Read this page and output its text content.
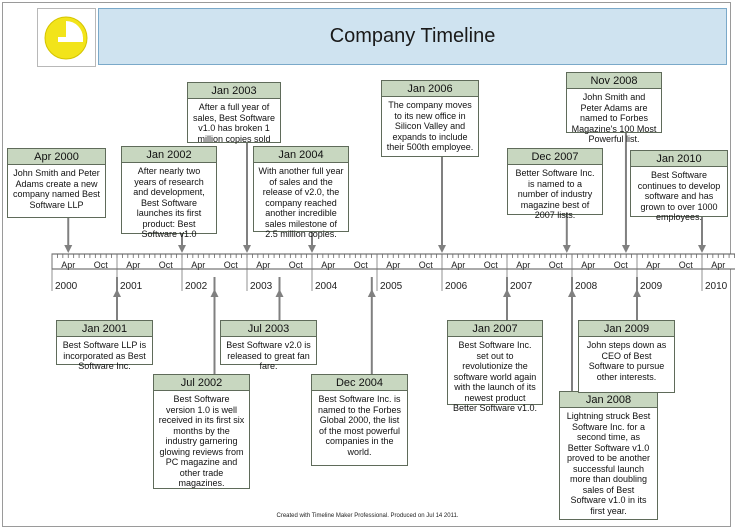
Company Timeline
2000	2001	2002	2003	2004	2005	2006	2007	2008	2009	2010
Apr Oct Apr Oct Apr Oct Apr Oct Apr Oct Apr Oct Apr Oct Apr Oct Apr Oct Apr Oct Apr
Apr 2000
John Smith and Peter Adams create a new company named Best Software LLP
Jan 2002
After nearly two years of research and development, Best Software launches its first product: Best Software v1.0
Jan 2003
After a full year of sales, Best Software v1.0 has broken 1 million copies sold
Jan 2004
With another full year of sales and the release of v2.0, the company reached another incredible sales milestone of 2.5 million copies.
Jan 2006
The company moves to its new office in Silicon Valley and expands to include their 500th employee.
Dec 2007
Better Software Inc. is named to a number of industry magazine best of 2007 lists.
Nov 2008
John Smith and Peter Adams are named to Forbes Magazine's 100 Most Powerful list.
Jan 2010
Best Software continues to develop software and has grown to over 1000 employees.
Jan 2001
Best Software LLP is incorporated as Best Software Inc.
Jul 2002
Best Software version 1.0 is well received in its first six months by the industry garnering glowing reviews from PC magazine and other trade magazines.
Jul 2003
Best Software v2.0 is released to great fan fare.
Dec 2004
Best Software Inc. is named to the Forbes Global 2000, the list of the most powerful companies in the world.
Jan 2007
Best Software Inc. set out to revolutionize the software world again with the launch of its newest product Better Software v1.0.
Jan 2008
Lightning struck Best Software Inc. for a second time, as Better Software v1.0 proved to be another successful launch more than doubling sales of Best Software v1.0 in its first year.
Jan 2009
John steps down as CEO of Best Software to pursue other interests.
Created with Timeline Maker Professional. Produced on Jul 14 2011.
